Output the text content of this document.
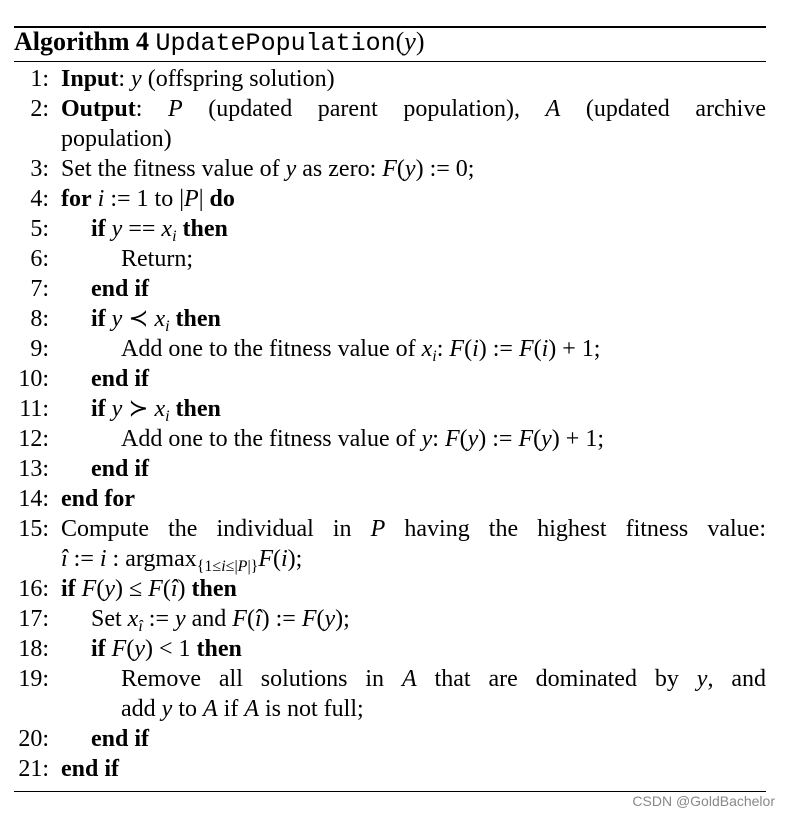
Algorithm 4 UpdatePopulation(y)
1: Input: y (offspring solution)
2: Output: P (updated parent population), A (updated archive
population)
3: Set the fitness value of y as zero: F(y) := 0;
4: for i := 1 to |P| do
5: if $y == x_i$ then
6:	Return;
7: end if
8: if y ≺ $x_i$ then
9:	Add one to the fitness value of $x_i$: F(i) := F(i) + 1;
10: end if
11: if y ≻ $x_i$ then
12:	Add one to the fitness value of y: F(y) := F(y) + 1;
13: end if
14: end for
15: Compute the individual in P having the highest fitness value:
î := i : argmax$_{\{1\le i\le|P|\}}$F(i);
16: if F(y) ≤ F(î) then
17: Set $x_î$ := y and F(î) := F(y);
18: if F(y) < 1 then
19:	Remove all solutions in A that are dominated by y, and
add y to A if A is not full;
20: end if
21: end if
CSDN @GoldBachelor
